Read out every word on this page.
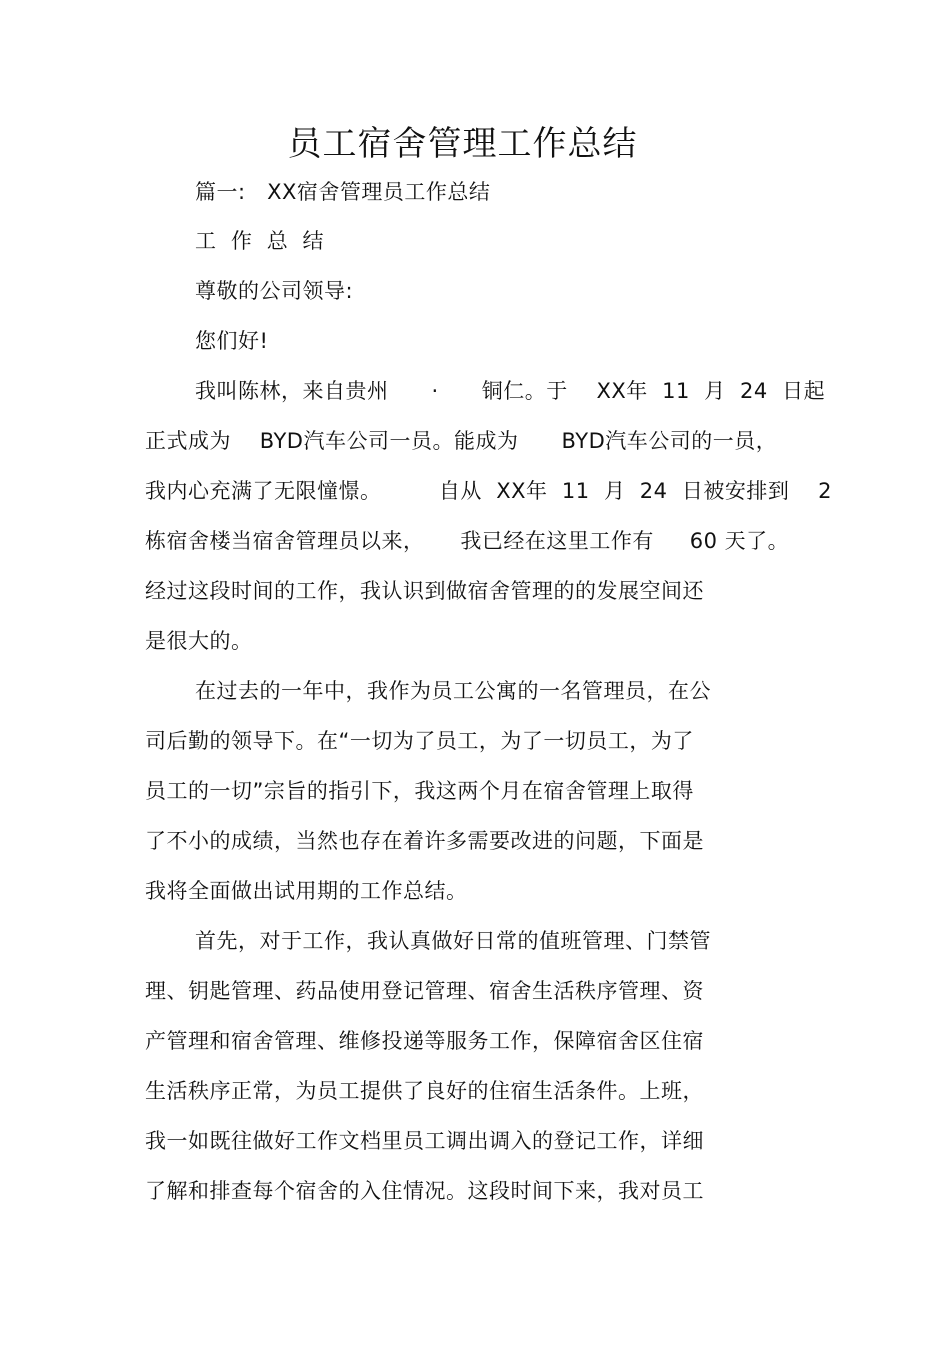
员工宿舍管理工作总结
篇一:   XX宿舍管理员工作总结
工  作  总  结
尊敬的公司领导:
您们好!
我叫陈林，来自贵州      ·      铜仁。于    XX年  11  月  24  日起
正式成为    BYD汽车公司一员。能成为      BYD汽车公司的一员，
我内心充满了无限憧憬。        自从  XX年  11  月  24  日被安排到    2
栋宿舍楼当宿舍管理员以来，     我已经在这里工作有     60 天了。
经过这段时间的工作，我认识到做宿舍管理的的发展空间还
是很大的。
在过去的一年中，我作为员工公寓的一名管理员，在公
司后勤的领导下。在“一切为了员工，为了一切员工，为了
员工的一切”宗旨的指引下，我这两个月在宿舍管理上取得
了不小的成绩，当然也存在着许多需要改进的问题，下面是
我将全面做出试用期的工作总结。
首先，对于工作，我认真做好日常的值班管理、门禁管
理、钥匙管理、药品使用登记管理、宿舍生活秩序管理、资
产管理和宿舍管理、维修投递等服务工作，保障宿舍区住宿
生活秩序正常，为员工提供了良好的住宿生活条件。上班，
我一如既往做好工作文档里员工调出调入的登记工作，详细
了解和排查每个宿舍的入住情况。这段时间下来，我对员工
